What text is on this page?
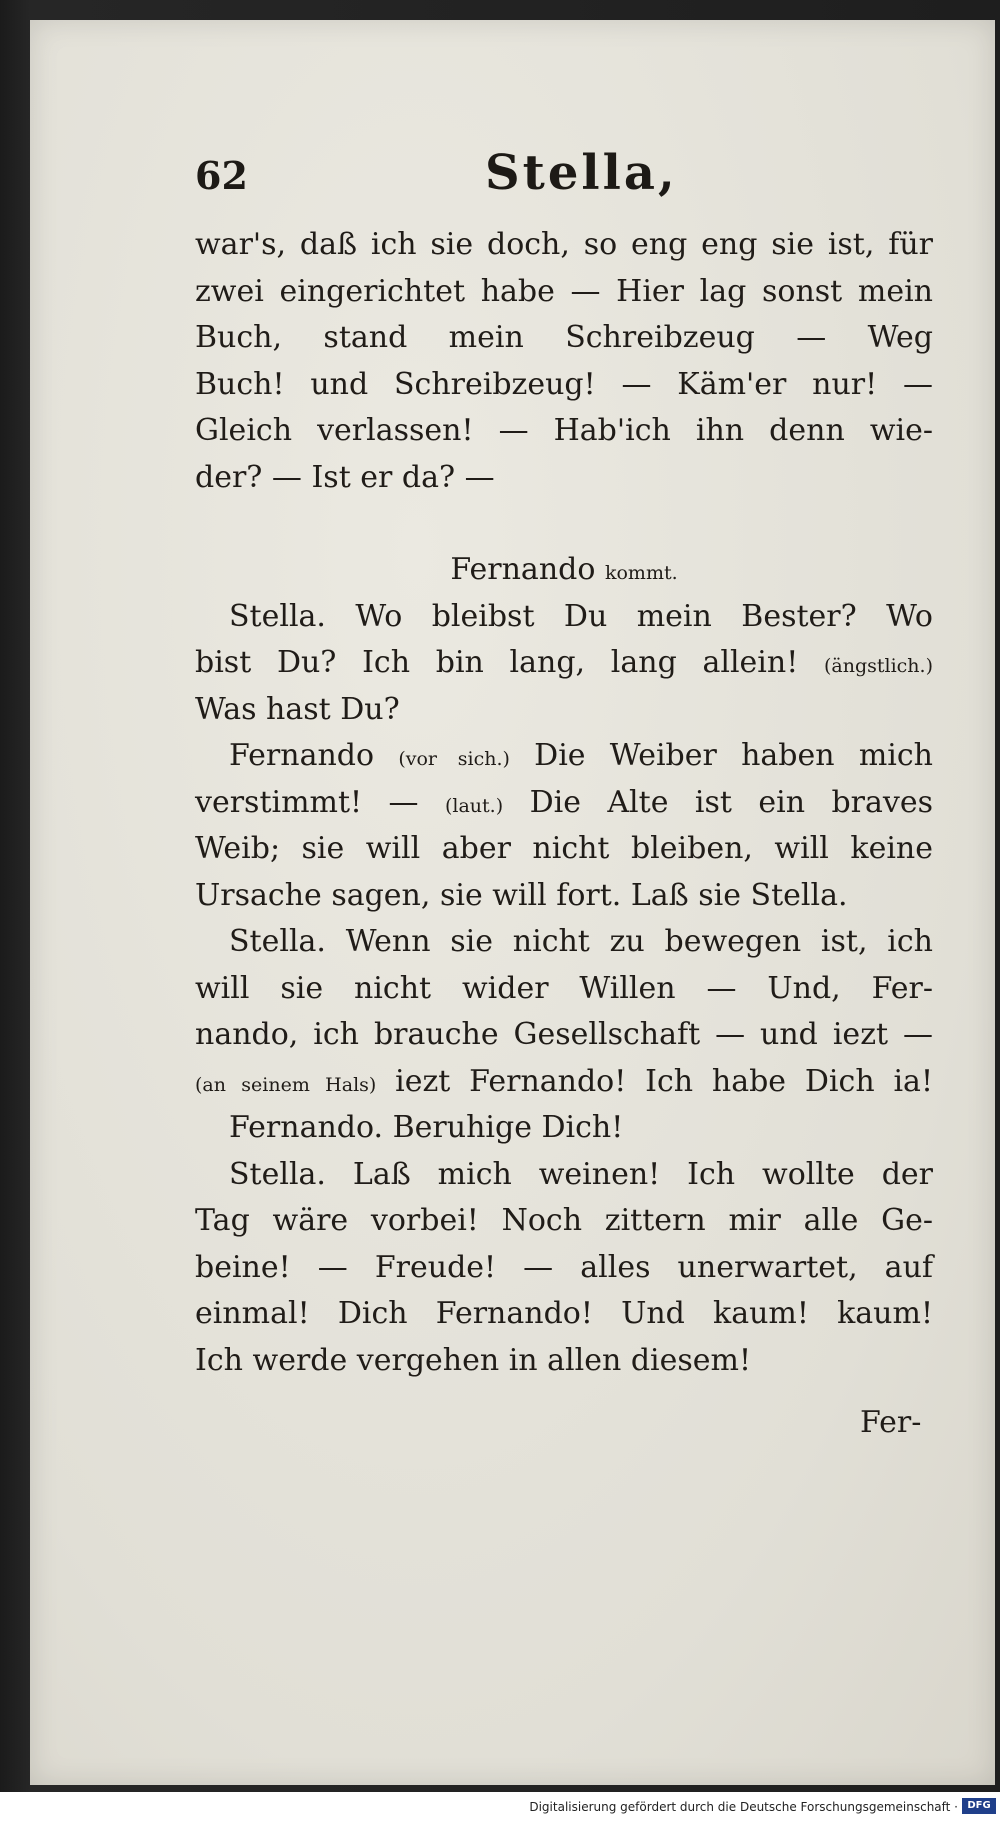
62	Stella,
war's, daß ich sie doch, so eng eng sie ist, für
zwei eingerichtet habe — Hier lag sonst mein
Buch, stand mein Schreibzeug — Weg
Buch! und Schreibzeug! — Käm'er nur! —
Gleich verlassen! — Hab'ich ihn denn wie-
der? — Ist er da? —
Fernando kommt.
Stella. Wo bleibst Du mein Bester? Wo
bist Du? Ich bin lang, lang allein! (ängstlich.)
Was hast Du?
Fernando (vor sich.) Die Weiber haben mich
verstimmt! — (laut.) Die Alte ist ein braves
Weib; sie will aber nicht bleiben, will keine
Ursache sagen, sie will fort. Laß sie Stella.
Stella. Wenn sie nicht zu bewegen ist, ich
will sie nicht wider Willen — Und, Fer-
nando, ich brauche Gesellschaft — und iezt —
(an seinem Hals) iezt Fernando! Ich habe Dich ia!
Fernando. Beruhige Dich!
Stella. Laß mich weinen! Ich wollte der
Tag wäre vorbei! Noch zittern mir alle Ge-
beine! — Freude! — alles unerwartet, auf
einmal! Dich Fernando! Und kaum! kaum!
Ich werde vergehen in allen diesem!
Fer-
Digitalisierung gefördert durch die Deutsche Forschungsgemeinschaft · DFG
